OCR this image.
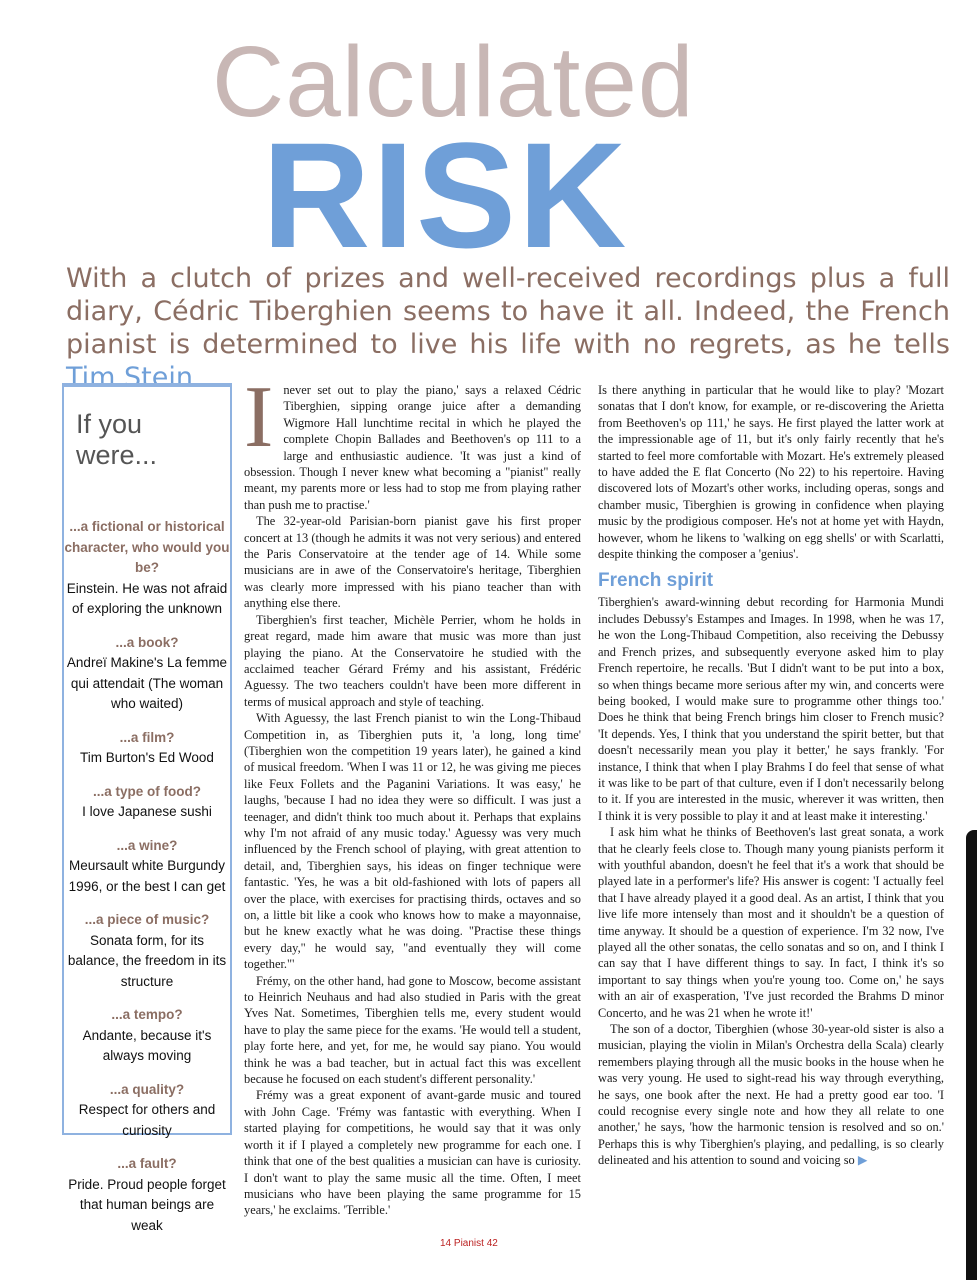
Calculated
RISK

With a clutch of prizes and well-received recordings plus a full diary, Cédric Tiberghien seems to have it all. Indeed, the French pianist is determined to live his life with no regrets, as he tells Tim Stein

If you were...
...a fictional or historical character, who would you be?
Einstein. He was not afraid of exploring the unknown
...a book?
Andreï Makine's La femme qui attendait (The woman who waited)
...a film?
Tim Burton's Ed Wood
...a type of food?
I love Japanese sushi
...a wine?
Meursault white Burgundy 1996, or the best I can get
...a piece of music?
Sonata form, for its balance, the freedom in its structure
...a tempo?
Andante, because it's always moving
...a quality?
Respect for others and curiosity
...a fault?
Pride. Proud people forget that human beings are weak
I never set out to play the piano,' says a relaxed Cédric Tiberghien, sipping orange juice after a demanding Wigmore Hall lunchtime recital in which he played the complete Chopin Ballades and Beethoven's op 111 to a large and enthusiastic audience. 'It was just a kind of obsession. Though I never knew what becoming a "pianist" really meant, my parents more or less had to stop me from playing rather than push me to practise.'

The 32-year-old Parisian-born pianist gave his first proper concert at 13 (though he admits it was not very serious) and entered the Paris Conservatoire at the tender age of 14. While some musicians are in awe of the Conservatoire's heritage, Tiberghien was clearly more impressed with his piano teacher than with anything else there.

Tiberghien's first teacher, Michèle Perrier, whom he holds in great regard, made him aware that music was more than just playing the piano. At the Conservatoire he studied with the acclaimed teacher Gérard Frémy and his assistant, Frédéric Aguessy. The two teachers couldn't have been more different in terms of musical approach and style of teaching.

With Aguessy, the last French pianist to win the Long-Thibaud Competition in, as Tiberghien puts it, 'a long, long time' (Tiberghien won the competition 19 years later), he gained a kind of musical freedom. 'When I was 11 or 12, he was giving me pieces like Feux Follets and the Paganini Variations. It was easy,' he laughs, 'because I had no idea they were so difficult. I was just a teenager, and didn't think too much about it. Perhaps that explains why I'm not afraid of any music today.' Aguessy was very much influenced by the French school of playing, with great attention to detail, and, Tiberghien says, his ideas on finger technique were fantastic. 'Yes, he was a bit old-fashioned with lots of papers all over the place, with exercises for practising thirds, octaves and so on, a little bit like a cook who knows how to make a mayonnaise, but he knew exactly what he was doing. "Practise these things every day," he would say, "and eventually they will come together."'

Frémy, on the other hand, had gone to Moscow, become assistant to Heinrich Neuhaus and had also studied in Paris with the great Yves Nat. Sometimes, Tiberghien tells me, every student would have to play the same piece for the exams. 'He would tell a student, play forte here, and yet, for me, he would say piano. You would think he was a bad teacher, but in actual fact this was excellent because he focused on each student's different personality.'

Frémy was a great exponent of avant-garde music and toured with John Cage. 'Frémy was fantastic with everything. When I started playing for competitions, he would say that it was only worth it if I played a completely new programme for each one. I think that one of the best qualities a musician can have is curiosity. I don't want to play the same music all the time. Often, I meet musicians who have been playing the same programme for 15 years,' he exclaims. 'Terrible.'

Is there anything in particular that he would like to play? 'Mozart sonatas that I don't know, for example, or re-discovering the Arietta from Beethoven's op 111,' he says. He first played the latter work at the impressionable age of 11, but it's only fairly recently that he's started to feel more comfortable with Mozart. He's extremely pleased to have added the E flat Concerto (No 22) to his repertoire. Having discovered lots of Mozart's other works, including operas, songs and chamber music, Tiberghien is growing in confidence when playing music by the prodigious composer. He's not at home yet with Haydn, however, whom he likens to 'walking on egg shells' or with Scarlatti, despite thinking the composer a 'genius'.

French spirit

Tiberghien's award-winning debut recording for Harmonia Mundi includes Debussy's Estampes and Images. In 1998, when he was 17, he won the Long-Thibaud Competition, also receiving the Debussy and French prizes, and subsequently everyone asked him to play French repertoire, he recalls. 'But I didn't want to be put into a box, so when things became more serious after my win, and concerts were being booked, I would make sure to programme other things too.' Does he think that being French brings him closer to French music? 'It depends. Yes, I think that you understand the spirit better, but that doesn't necessarily mean you play it better,' he says frankly. 'For instance, I think that when I play Brahms I do feel that sense of what it was like to be part of that culture, even if I don't necessarily belong to it. If you are interested in the music, wherever it was written, then I think it is very possible to play it and at least make it interesting.'

I ask him what he thinks of Beethoven's last great sonata, a work that he clearly feels close to. Though many young pianists perform it with youthful abandon, doesn't he feel that it's a work that should be played late in a performer's life? His answer is cogent: 'I actually feel that I have already played it a good deal. As an artist, I think that you live life more intensely than most and it shouldn't be a question of time anyway. It should be a question of experience. I'm 32 now, I've played all the other sonatas, the cello sonatas and so on, and I think I can say that I have different things to say. In fact, I think it's so important to say things when you're young too. Come on,' he says with an air of exasperation, 'I've just recorded the Brahms D minor Concerto, and he was 21 when he wrote it!'

The son of a doctor, Tiberghien (whose 30-year-old sister is also a musician, playing the violin in Milan's Orchestra della Scala) clearly remembers playing through all the music books in the house when he was very young. He used to sight-read his way through everything, he says, one book after the next. He had a pretty good ear too. 'I could recognise every single note and how they all relate to one another,' he says, 'how the harmonic tension is resolved and so on.' Perhaps this is why Tiberghien's playing, and pedalling, is so clearly delineated and his attention to sound and voicing so ▶

14 Pianist 42
